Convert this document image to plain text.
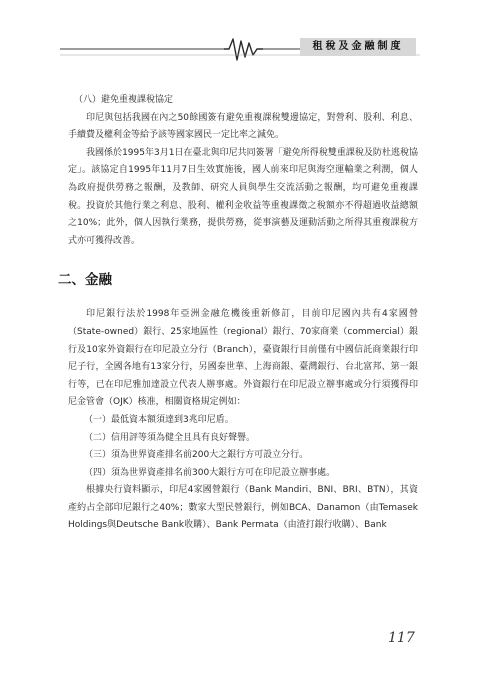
租稅及金融制度

（八）避免重複課稅協定

印尼與包括我國在內之50餘國簽有避免重複課稅雙邊協定，對營利、股利、利息、手續費及權利金等給予該等國家國民一定比率之減免。

我國係於1995年3月1日在臺北與印尼共同簽署「避免所得稅雙重課稅及防杜逃稅協定」。該協定自1995年11月7日生效實施後，國人前來印尼與海空運輸業之利潤，個人為政府提供勞務之報酬，及教師、研究人員與學生交流活動之報酬，均可避免重複課稅。投資於其他行業之利息、股利、權利金收益等重複課徵之稅額亦不得超過收益總額之10%；此外，個人因執行業務，提供勞務，從事演藝及運動活動之所得其重複課稅方式亦可獲得改善。

二、金融

印尼銀行法於1998年亞洲金融危機後重新修訂，目前印尼國內共有4家國營（State-owned）銀行、25家地區性（regional）銀行、70家商業（commercial）銀行及10家外資銀行在印尼設立分行（Branch），臺資銀行目前僅有中國信託商業銀行印尼子行，全國各地有13家分行，另國泰世華、上海商銀、臺灣銀行、台北富邦、第一銀行等，已在印尼雅加達設立代表人辦事處。外資銀行在印尼設立辦事處或分行須獲得印尼金管會（OJK）核准，相關資格規定例如：

（一）最低資本額須達到3兆印尼盾。

（二）信用評等須為健全且具有良好聲譽。

（三）須為世界資產排名前200大之銀行方可設立分行。

（四）須為世界資產排名前300大銀行方可在印尼設立辦事處。

根據央行資料顯示，印尼4家國營銀行（Bank Mandiri、BNI、BRI、BTN），其資產約占全部印尼銀行之40%；數家大型民營銀行，例如BCA、Danamon（由Temasek Holdings與Deutsche Bank收購）、Bank Permata（由渣打銀行收購）、Bank

117
